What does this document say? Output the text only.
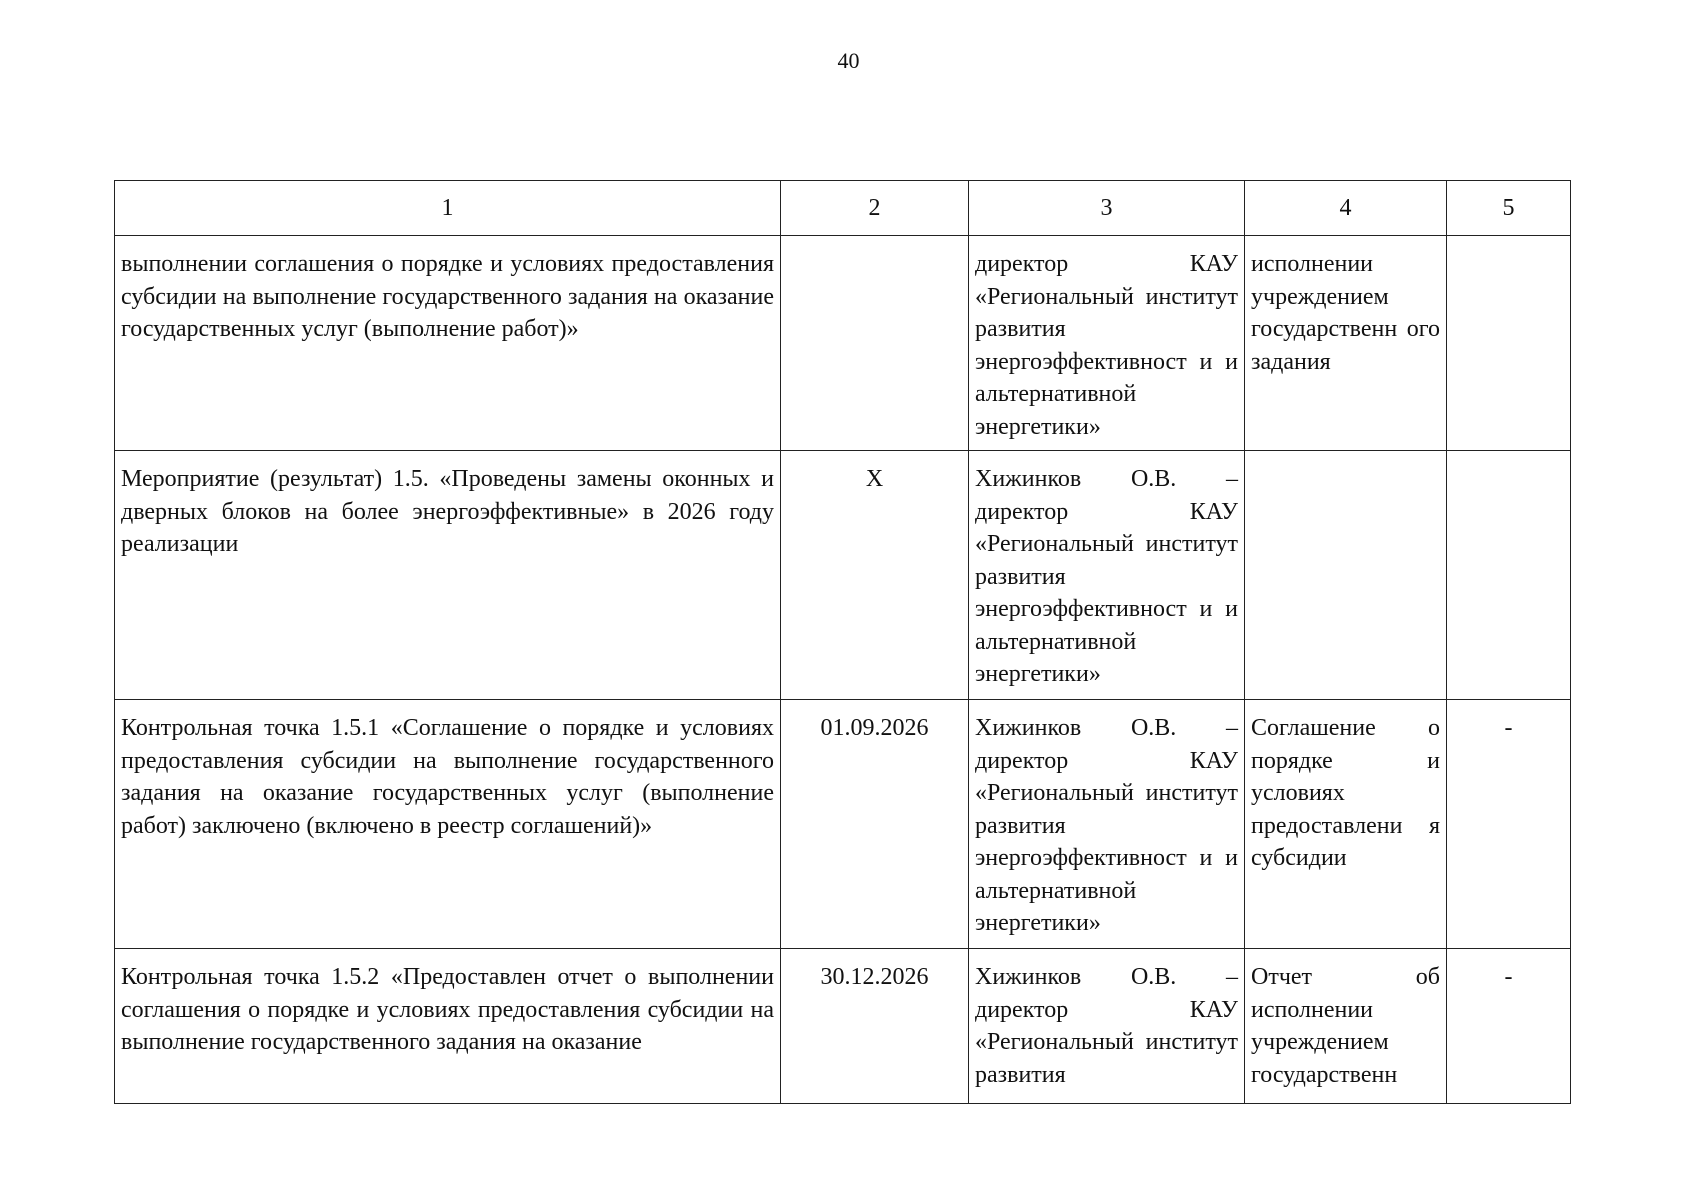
40
1	2	3	4	5
выполнении соглашения о порядке и условиях предоставления субсидии на выполнение государственного задания на оказание государственных услуг (выполнение работ)»		директор КАУ «Региональный институт развития энергоэффективност и и альтернативной энергетики»	исполнении учреждением государственн ого задания	
Мероприятие (результат) 1.5. «Проведены замены оконных и дверных блоков на более энергоэффективные» в 2026 году реализации	Х	Хижинков О.В. – директор КАУ «Региональный институт развития энергоэффективност и и альтернативной энергетики»		
Контрольная точка 1.5.1 «Соглашение о порядке и условиях предоставления субсидии на выполнение государственного задания на оказание государственных услуг (выполнение работ) заключено (включено в реестр соглашений)»	01.09.2026	Хижинков О.В. – директор КАУ «Региональный институт развития энергоэффективност и и альтернативной энергетики»	Соглашение о порядке и условиях предоставлени я субсидии	-
Контрольная точка 1.5.2 «Предоставлен отчет о выполнении соглашения о порядке и условиях предоставления субсидии на выполнение государственного задания на оказание	30.12.2026	Хижинков О.В. – директор КАУ «Региональный институт развития	Отчет об исполнении учреждением государственн	-
